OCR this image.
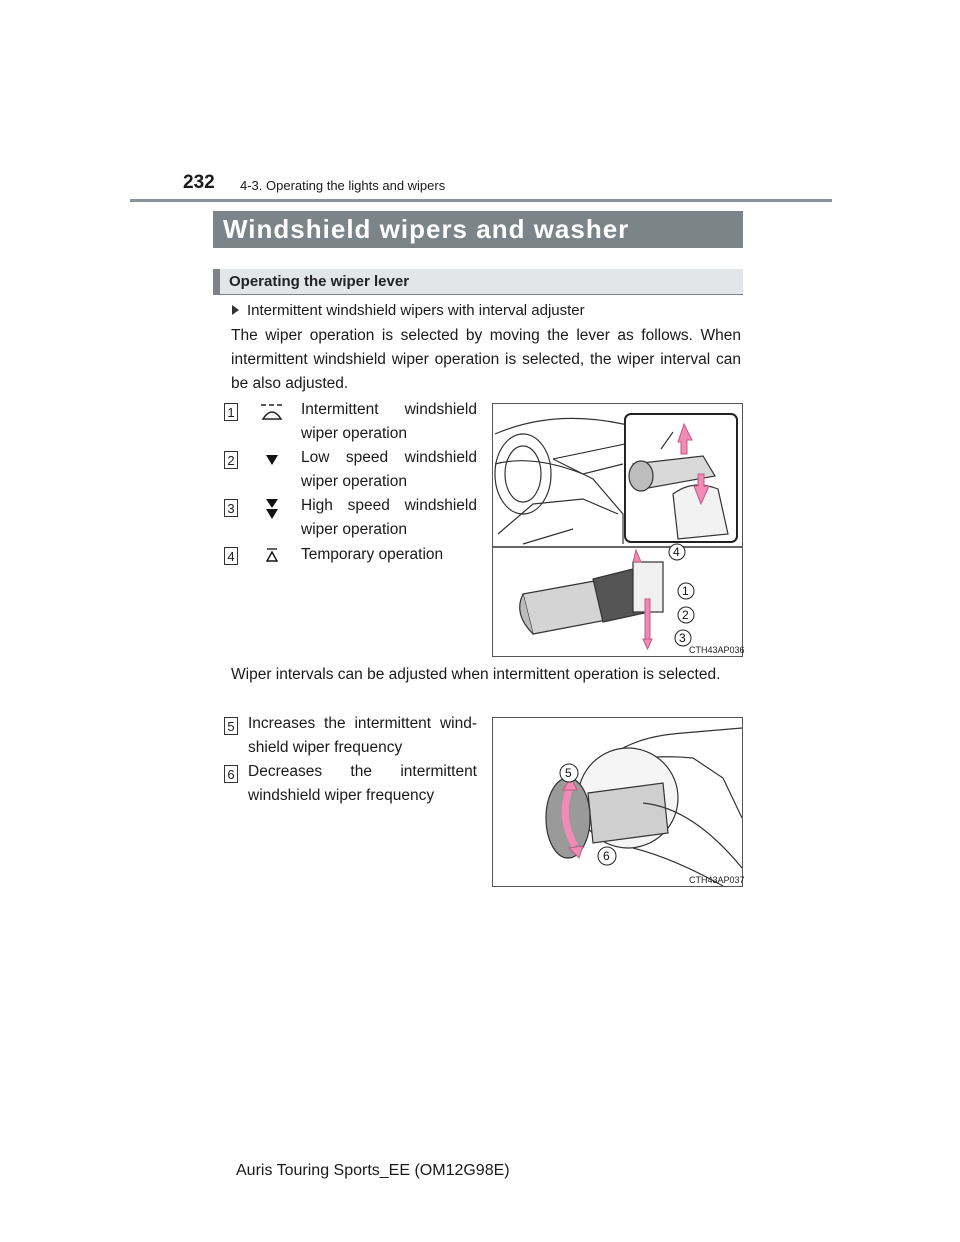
232 4-3. Operating the lights and wipers
Windshield wipers and washer
Operating the wiper lever
Intermittent windshield wipers with interval adjuster
The wiper operation is selected by moving the lever as follows. When intermittent windshield wiper operation is selected, the wiper interval can be also adjusted.
1	Intermittent windshield
wiper operation
2	Low speed windshield
wiper operation
3	High speed windshield
wiper operation
4	Temporary operation	4
1
2
3
CTH43AP036
Wiper intervals can be adjusted when intermittent operation is selected.
5 Increases the intermittent wind-
shield wiper frequency
6 Decreases the intermittent
windshield wiper frequency
5
6
CTH43AP037
Auris Touring Sports_EE (OM12G98E)
